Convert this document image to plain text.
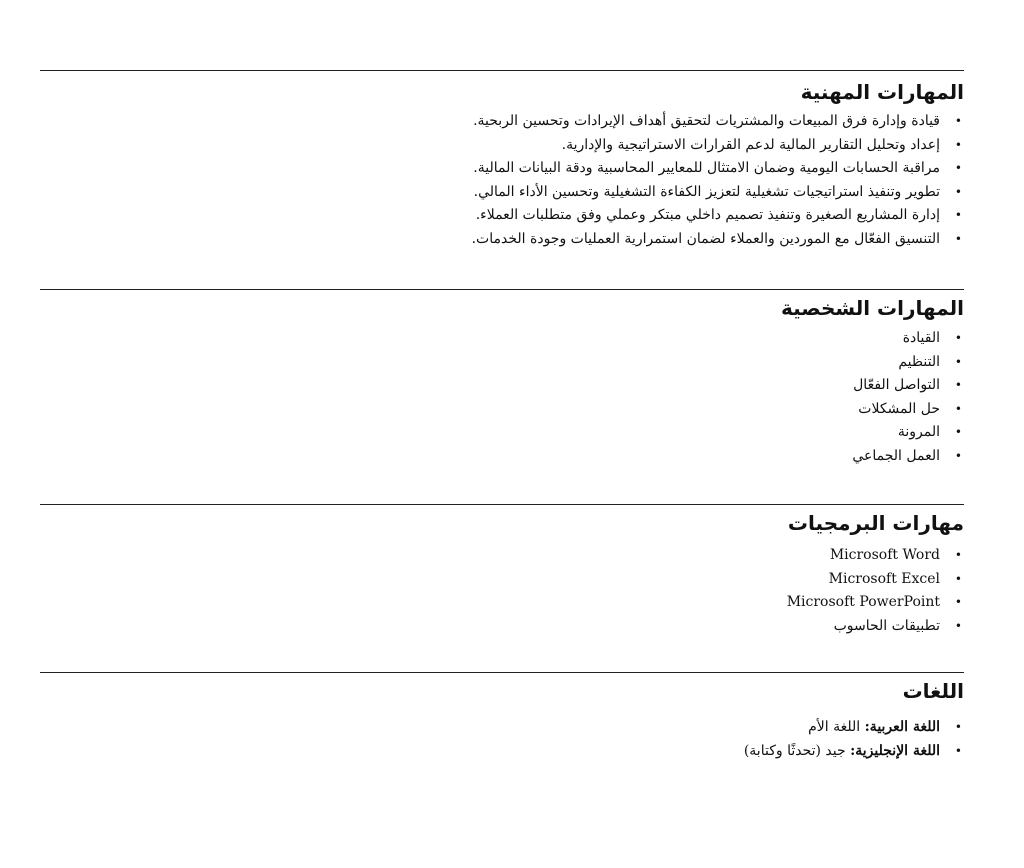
المهارات المهنية
•
قيادة وإدارة فرق المبيعات والمشتريات لتحقيق أهداف الإيرادات وتحسين الربحية.
•
إعداد وتحليل التقارير المالية لدعم القرارات الاستراتيجية والإدارية.
•
مراقبة الحسابات اليومية وضمان الامتثال للمعايير المحاسبية ودقة البيانات المالية.
•
تطوير وتنفيذ استراتيجيات تشغيلية لتعزيز الكفاءة التشغيلية وتحسين الأداء المالي.
•
إدارة المشاريع الصغيرة وتنفيذ تصميم داخلي مبتكر وعملي وفق متطلبات العملاء.
•
التنسيق الفعّال مع الموردين والعملاء لضمان استمرارية العمليات وجودة الخدمات.
المهارات الشخصية
•
القيادة
•
التنظيم
•
التواصل الفعّال
•
حل المشكلات
•
المرونة
•
العمل الجماعي
مهارات البرمجيات
•
Microsoft Word
•
Microsoft Excel
•
Microsoft PowerPoint
•
تطبيقات الحاسوب
اللغات
•
اللغة العربية: اللغة الأم
•
اللغة الإنجليزية: جيد (تحدثًا وكتابة)
